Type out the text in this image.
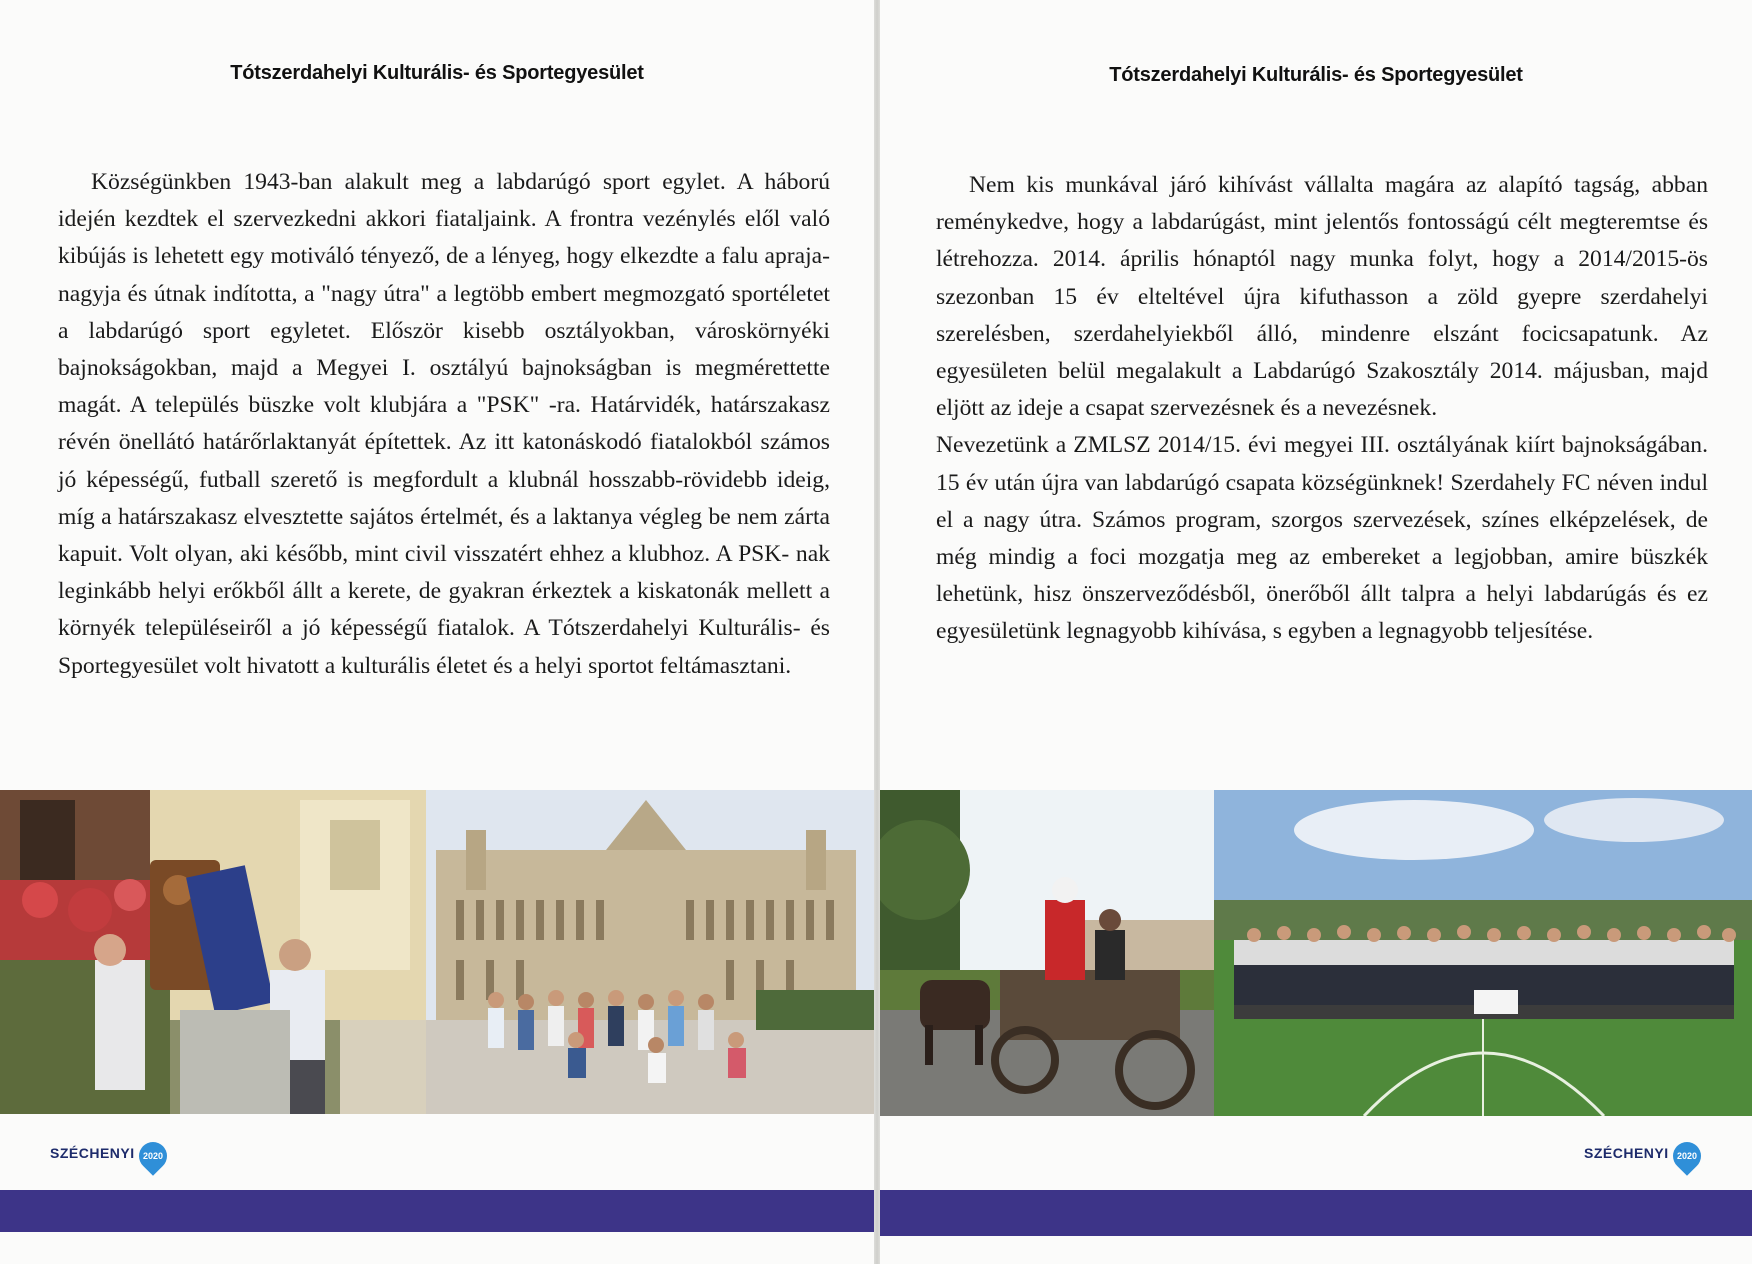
Tótszerdahelyi Kulturális- és Sportegyesület

Községünkben 1943-ban alakult meg a labdarúgó sport egylet. A háború idején kezdtek el szervezkedni akkori fiataljaink. A frontra vezénylés elől való kibújás is lehetett egy motiváló tényező, de a lényeg, hogy elkezdte a falu apraja-nagyja és útnak indította, a "nagy útra" a legtöbb embert megmozgató sportéletet a labdarúgó sport egyletet. Először kisebb osztályokban, városkörnyéki bajnokságokban, majd a Megyei I. osztályú bajnokságban is megmérettette magát. A település büszke volt klubjára a "PSK" -ra. Határvidék, határszakasz révén önellátó határőrlaktanyát építettek. Az itt katonáskodó fiatalokból számos jó képességű, futball szerető is megfordult a klubnál hosszabb-rövidebb ideig, míg a határszakasz elvesztette sajátos értelmét, és a laktanya végleg be nem zárta kapuit. Volt olyan, aki később, mint civil visszatért ehhez a klubhoz. A PSK- nak leginkább helyi erőkből állt a kerete, de gyakran érkeztek a kiskatonák mellett a környék településeiről a jó képességű fiatalok. A Tótszerdahelyi Kulturális- és Sportegyesület volt hivatott a kulturális életet és a helyi sportot feltámasztani.

SZÉCHENYI 2020
Tótszerdahelyi Kulturális- és Sportegyesület

Nem kis munkával járó kihívást vállalta magára az alapító tagság, abban reménykedve, hogy a labdarúgást, mint jelentős fontosságú célt megteremtse és létrehozza. 2014. április hónaptól nagy munka folyt, hogy a 2014/2015-ös szezonban 15 év elteltével újra kifuthasson a zöld gyepre szerdahelyi szerelésben, szerdahelyiekből álló, mindenre elszánt focicsapatunk. Az egyesületen belül megalakult a Labdarúgó Szakosztály 2014. májusban, majd eljött az ideje a csapat szervezésnek és a nevezésnek.

Nevezetünk a ZMLSZ 2014/15. évi megyei III. osztályának kiírt bajnokságában. 15 év után újra van labdarúgó csapata községünknek! Szerdahely FC néven indul el a nagy útra. Számos program, szorgos szervezések, színes elképzelések, de még mindig a foci mozgatja meg az embereket a legjobban, amire büszkék lehetünk, hisz önszerveződésből, önerőből állt talpra a helyi labdarúgás és ez egyesületünk legnagyobb kihívása, s egyben a legnagyobb teljesítése.

SZÉCHENYI 2020
